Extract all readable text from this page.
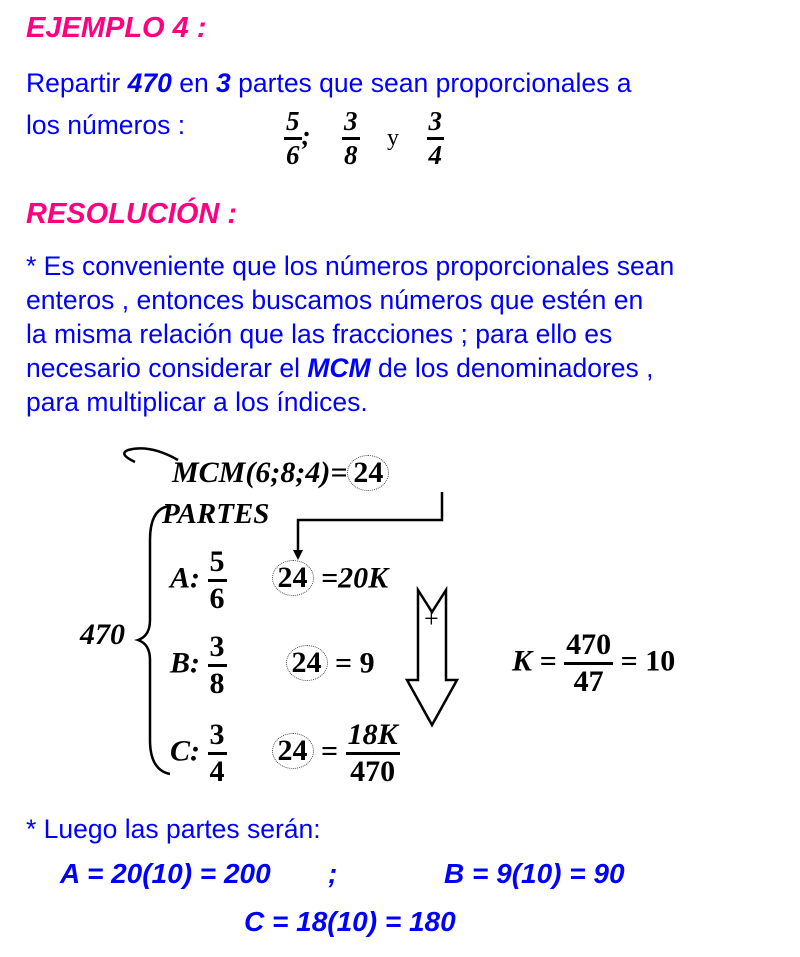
EJEMPLO 4 :
Repartir 470 en 3 partes que sean proporcionales a
los números :	$\frac{5}{6}$ ; $\frac{3}{8}$ y $\frac{3}{4}$
RESOLUCIÓN :
* Es conveniente que los números proporcionales sean
enteros , entonces buscamos números que estén en
la misma relación que las fracciones ; para ello es
necesario considerar el MCM de los denominadores ,
para multiplicar a los índices.
MCM(6;8;4)= 24
PARTES
470
A: $\frac{5}{6} 24 =20K$
B: $\frac{3}{8} 24 = 9$
C: $\frac{3}{4} 24 = \frac{18K}{470}$
+
$K = \frac{470}{47} = 10$
* Luego las partes serán:
A = 20(10) = 200 ;	B = 9(10) = 90
C = 18(10) = 180
